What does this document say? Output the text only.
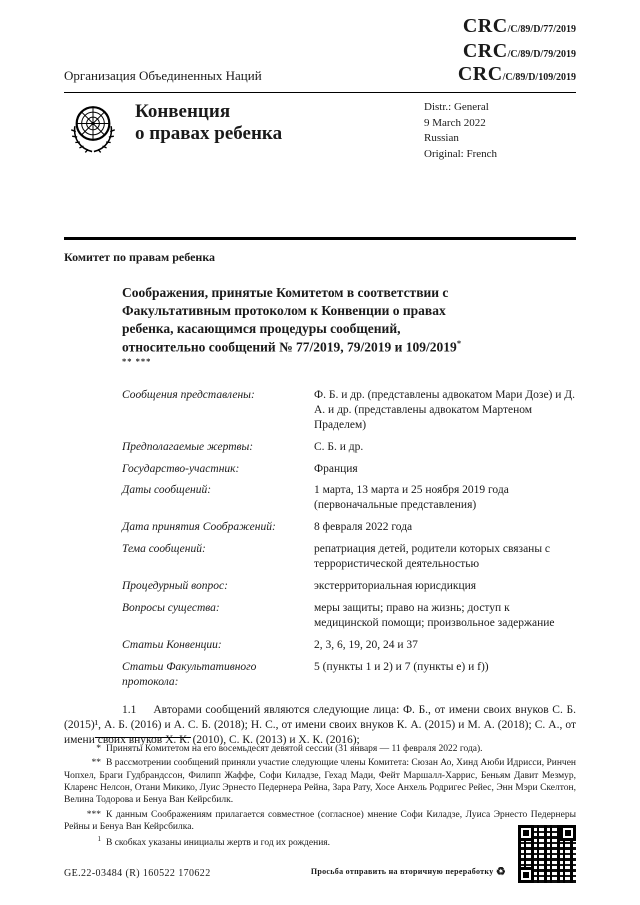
CRC/C/89/D/77/2019
CRC/C/89/D/79/2019
Организация Объединенных Наций	CRC/C/89/D/109/2019
Конвенция
о правах ребенка
Distr.: General
9 March 2022
Russian
Original: French
Комитет по правам ребенка
Соображения, принятые Комитетом в соответствии с Факультативным протоколом к Конвенции о правах ребенка, касающимся процедуры сообщений, относительно сообщений № 77/2019, 79/2019 и 109/2019* ** ***
Сообщения представлены:	Ф. Б. и др. (представлены адвокатом Мари Дозе) и Д. А. и др. (представлены адвокатом Мартеном Праделем)
Предполагаемые жертвы:	С. Б. и др.
Государство-участник:	Франция
Даты сообщений:	1 марта, 13 марта и 25 ноября 2019 года (первоначальные представления)
Дата принятия Соображений:	8 февраля 2022 года
Тема сообщений:	репатриация детей, родители которых связаны с террористической деятельностью
Процедурный вопрос:	экстерриториальная юрисдикция
Вопросы существа:	меры защиты; право на жизнь; доступ к медицинской помощи; произвольное задержание
Статьи Конвенции:	2, 3, 6, 19, 20, 24 и 37
Статьи Факультативного протокола:
5 (пункты 1 и 2) и 7 (пункты е) и f))

1.1 Авторами сообщений являются следующие лица: Ф. Б., от имени своих внуков С. Б. (2015)¹, А. Б. (2016) и А. С. Б. (2018); Н. С., от имени своих внуков К. А. (2015) и М. А. (2018); С. А., от имени своих внуков Х. К. (2010), С. К. (2013) и Х. К. (2016);

* Приняты Комитетом на его восемьдесят девятой сессии (31 января — 11 февраля 2022 года).

** В рассмотрении сообщений приняли участие следующие члены Комитета: Сюзан Ао, Хинд Аюби Идрисси, Ринчен Чопхел, Браги Гудбрандссон, Филипп Жаффе, Софи Киладзе, Гехад Мади, Фейт Маршалл-Харрис, Беньям Давит Мезмур, Кларенс Нелсон, Отани Микико, Луис Эрнесто Педернера Рейна, Зара Рату, Хосе Анхель Родригес Рейес, Энн Мэри Скелтон, Велина Тодорова и Бенуа Ван Кейрсбилк.

*** К данным Соображениям прилагается совместное (согласное) мнение Софи Киладзе, Луиса Эрнесто Педернеры Рейны и Бенуа Ван Кейрсбилка.

1 В скобках указаны инициалы жертв и год их рождения.

GE.22-03484 (R) 160522 170622	Просьба отправить на вторичную переработку ♻
